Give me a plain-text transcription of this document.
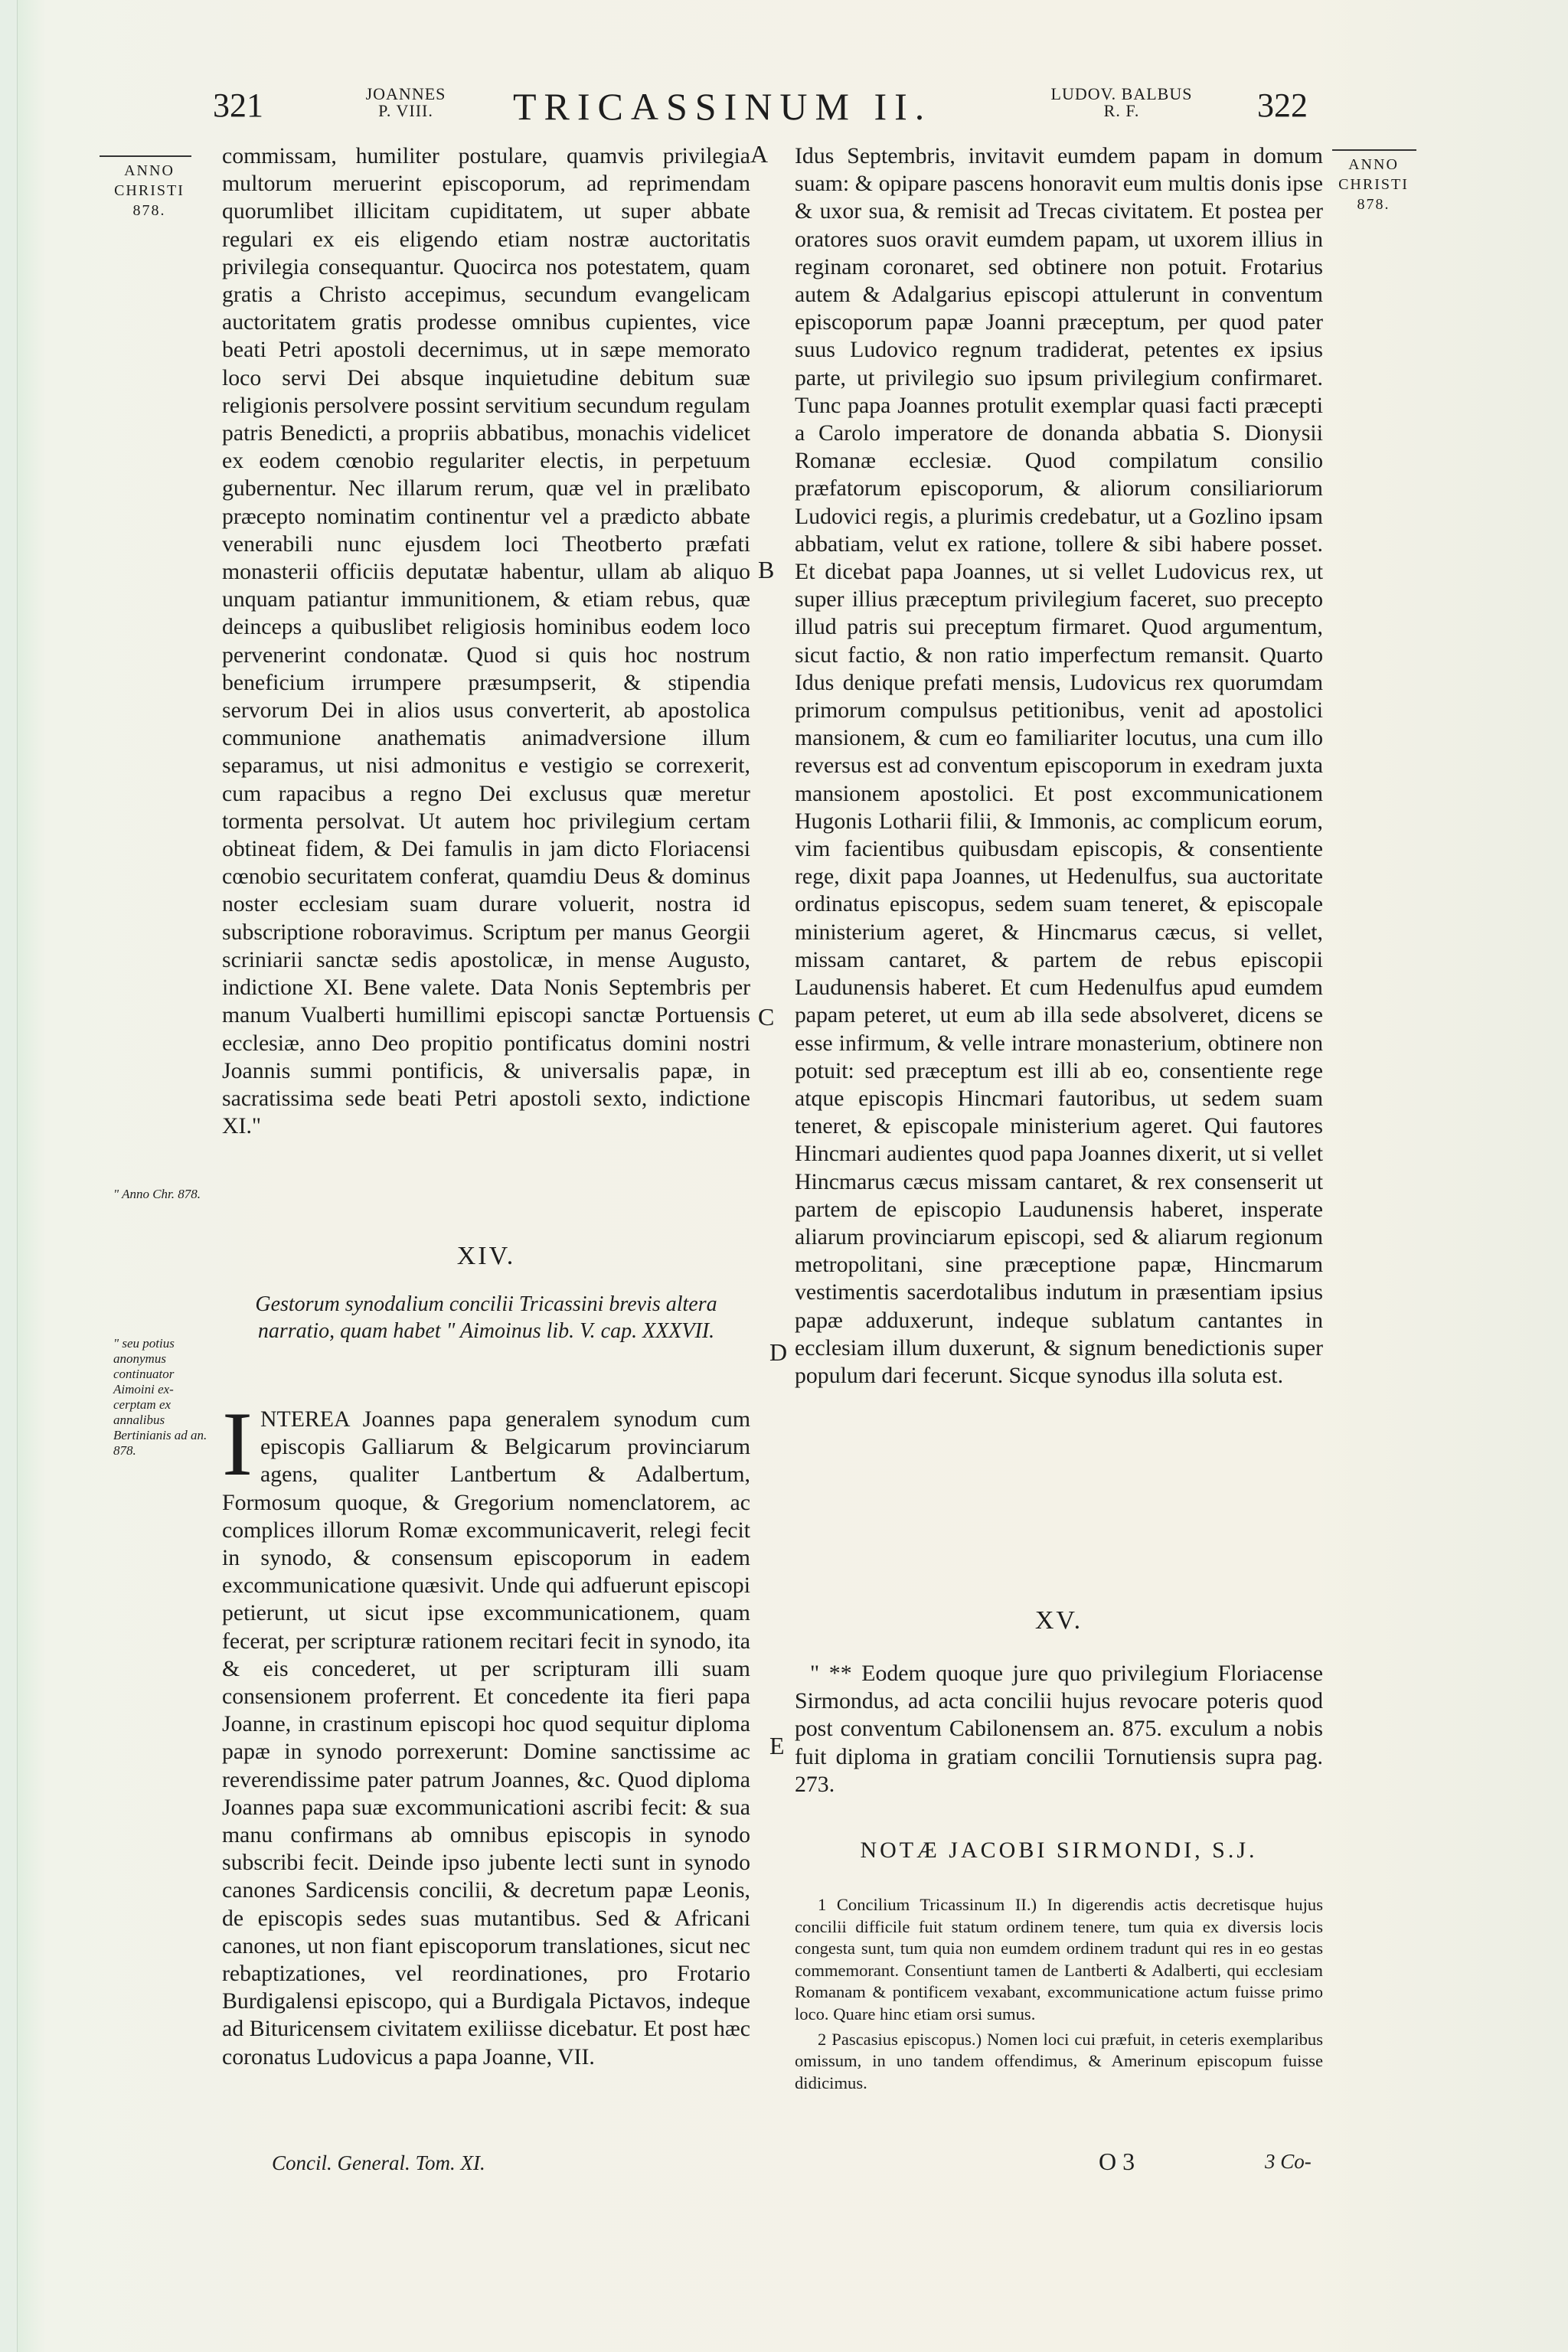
321	JOANNES
P. VIII.	TRICASSINUM II.	LUDOV. BALBUS
R. F.	322
ANNO CHRISTI 878.
ANNO CHRISTI 878.
" Anno Chr. 878.
" seu potius anonymus continuator Aimoini ex- cerptam ex annalibus Bertinianis ad an. 878.
A
B
C
D
E

commissam, humiliter postulare, quamvis privilegia multorum meruerint episcoporum, ad reprimendam quorumlibet illicitam cupiditatem, ut super abbate regulari ex eis eligendo etiam nostræ auctoritatis privilegia consequantur. Quocirca nos potestatem, quam gratis a Christo accepimus, secundum evangelicam auctoritatem gratis prodesse omnibus cupientes, vice beati Petri apostoli decernimus, ut in sæpe memorato loco servi Dei absque inquietudine debitum suæ religionis persolvere possint servitium secundum regulam patris Benedicti, a propriis abbatibus, monachis videlicet ex eodem cœnobio regulariter electis, in perpetuum gubernentur. Nec illarum rerum, quæ vel in prælibato præcepto nominatim continentur vel a prædicto abbate venerabili nunc ejusdem loci Theotberto præfati monasterii officiis deputatæ habentur, ullam ab aliquo unquam patiantur immunitionem, & etiam rebus, quæ deinceps a quibuslibet religiosis hominibus eodem loco pervenerint condonatæ. Quod si quis hoc nostrum beneficium irrumpere præsumpserit, & stipendia servorum Dei in alios usus converterit, ab apostolica communione anathematis animadversione illum separamus, ut nisi admonitus e vestigio se correxerit, cum rapacibus a regno Dei exclusus quæ meretur tormenta persolvat. Ut autem hoc privilegium certam obtineat fidem, & Dei famulis in jam dicto Floriacensi cœnobio securitatem conferat, quamdiu Deus & dominus noster ecclesiam suam durare voluerit, nostra id subscriptione roboravimus. Scriptum per manus Georgii scriniarii sanctæ sedis apostolicæ, in mense Augusto, indictione XI. Bene valete. Data Nonis Septembris per manum Vualberti humillimi episcopi sanctæ Portuensis ecclesiæ, anno Deo propitio pontificatus domini nostri Joannis summi pontificis, & universalis papæ, in sacratissima sede beati Petri apostoli sexto, indictione XI."

XIV.
Gestorum synodalium concilii Tricassini brevis altera narratio, quam habet " Aimoinus lib. V. cap. XXXVII.
INTEREA Joannes papa generalem synodum cum episcopis Galliarum & Belgicarum provinciarum agens, qualiter Lantbertum & Adalbertum, Formosum quoque, & Gregorium nomenclatorem, ac complices illorum Romæ excommunicaverit, relegi fecit in synodo, & consensum episcoporum in eadem excommunicatione quæsivit. Unde qui adfuerunt episcopi petierunt, ut sicut ipse excommunicationem, quam fecerat, per scripturæ rationem recitari fecit in synodo, ita & eis concederet, ut per scripturam illi suam consensionem proferrent. Et concedente ita fieri papa Joanne, in crastinum episcopi hoc quod sequitur diploma papæ in synodo porrexerunt: Domine sanctissime ac reverendissime pater patrum Joannes, &c. Quod diploma Joannes papa suæ excommunicationi ascribi fecit: & sua manu confirmans ab omnibus episcopis in synodo subscribi fecit. Deinde ipso jubente lecti sunt in synodo canones Sardicensis concilii, & decretum papæ Leonis, de episcopis sedes suas mutantibus. Sed & Africani canones, ut non fiant episcoporum translationes, sicut nec rebaptizationes, vel reordinationes, pro Frotario Burdigalensi episcopo, qui a Burdigala Pictavos, indeque ad Bituricensem civitatem exiliisse dicebatur. Et post hæc coronatus Ludovicus a papa Joanne, VII.

Concil. General. Tom. XI.

Idus Septembris, invitavit eumdem papam in domum suam: & opipare pascens honoravit eum multis donis ipse & uxor sua, & remisit ad Trecas civitatem. Et postea per oratores suos oravit eumdem papam, ut uxorem illius in reginam coronaret, sed obtinere non potuit. Frotarius autem & Adalgarius episcopi attulerunt in conventum episcoporum papæ Joanni præceptum, per quod pater suus Ludovico regnum tradiderat, petentes ex ipsius parte, ut privilegio suo ipsum privilegium confirmaret. Tunc papa Joannes protulit exemplar quasi facti præcepti a Carolo imperatore de donanda abbatia S. Dionysii Romanæ ecclesiæ. Quod compilatum consilio præfatorum episcoporum, & aliorum consiliariorum Ludovici regis, a plurimis credebatur, ut a Gozlino ipsam abbatiam, velut ex ratione, tollere & sibi habere posset. Et dicebat papa Joannes, ut si vellet Ludovicus rex, ut super illius præceptum privilegium faceret, suo precepto illud patris sui preceptum firmaret. Quod argumentum, sicut factio, & non ratio imperfectum remansit. Quarto Idus denique prefati mensis, Ludovicus rex quorumdam primorum compulsus petitionibus, venit ad apostolici mansionem, & cum eo familiariter locutus, una cum illo reversus est ad conventum episcoporum in exedram juxta mansionem apostolici. Et post excommunicationem Hugonis Lotharii filii, & Immonis, ac complicum eorum, vim facientibus quibusdam episcopis, & consentiente rege, dixit papa Joannes, ut Hedenulfus, sua auctoritate ordinatus episcopus, sedem suam teneret, & episcopale ministerium ageret, & Hincmarus cæcus, si vellet, missam cantaret, & partem de rebus episcopii Laudunensis haberet. Et cum Hedenulfus apud eumdem papam peteret, ut eum ab illa sede absolveret, dicens se esse infirmum, & velle intrare monasterium, obtinere non potuit: sed præceptum est illi ab eo, consentiente rege atque episcopis Hincmari fautoribus, ut sedem suam teneret, & episcopale ministerium ageret. Qui fautores Hincmari audientes quod papa Joannes dixerit, ut si vellet Hincmarus cæcus missam cantaret, & rex consenserit ut partem de episcopio Laudunensis haberet, insperate aliarum provinciarum episcopi, sed & aliarum regionum metropolitani, sine præceptione papæ, Hincmarum vestimentis sacerdotalibus indutum in præsentiam ipsius papæ adduxerunt, indeque sublatum cantantes in ecclesiam illum duxerunt, & signum benedictionis super populum dari fecerunt. Sicque synodus illa soluta est.

XV.

" ** Eodem quoque jure quo privilegium Floriacense Sirmondus, ad acta concilii hujus revocare poteris quod post conventum Cabilonensem an. 875. exculum a nobis fuit diploma in gratiam concilii Tornutiensis supra pag. 273.

NOTÆ JACOBI SIRMONDI, S.J.

1 Concilium Tricassinum II.) In digerendis actis decretisque hujus concilii difficile fuit statum ordinem tenere, tum quia ex diversis locis congesta sunt, tum quia non eumdem ordinem tradunt qui res in eo gestas commemorant. Consentiunt tamen de Lantberti & Adalberti, qui ecclesiam Romanam & pontificem vexabant, excommunicatione actum fuisse primo loco. Quare hinc etiam orsi sumus.

2 Pascasius episcopus.) Nomen loci cui præfuit, in ceteris exemplaribus omissum, in uno tandem offendimus, & Amerinum episcopum fuisse didicimus.

O 3	3 Co-
